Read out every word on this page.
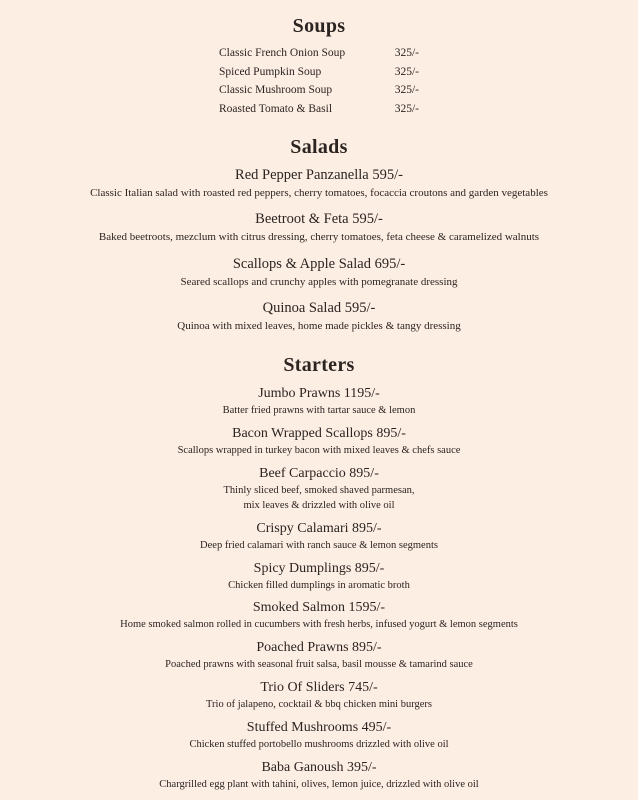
Soups
Classic French Onion Soup	325/-
Spiced Pumpkin Soup	325/-
Classic Mushroom Soup	325/-
Roasted Tomato & Basil	325/-
Salads

Red Pepper Panzanella 595/-

Classic Italian salad with roasted red peppers, cherry tomatoes, focaccia croutons and garden vegetables

Beetroot & Feta 595/-

Baked beetroots, mezclum with citrus dressing, cherry tomatoes, feta cheese & caramelized walnuts

Scallops & Apple Salad 695/-

Seared scallops and crunchy apples with pomegranate dressing

Quinoa Salad 595/-

Quinoa with mixed leaves, home made pickles & tangy dressing

Starters

Jumbo Prawns 1195/-

Batter fried prawns with tartar sauce & lemon

Bacon Wrapped Scallops 895/-

Scallops wrapped in turkey bacon with mixed leaves & chefs sauce

Beef Carpaccio 895/-

Thinly sliced beef, smoked shaved parmesan,
mix leaves & drizzled with olive oil

Crispy Calamari 895/-

Deep fried calamari with ranch sauce & lemon segments

Spicy Dumplings 895/-

Chicken filled dumplings in aromatic broth

Smoked Salmon 1595/-

Home smoked salmon rolled in cucumbers with fresh herbs, infused yogurt & lemon segments

Poached Prawns 895/-

Poached prawns with seasonal fruit salsa, basil mousse & tamarind sauce

Trio Of Sliders 745/-

Trio of jalapeno, cocktail & bbq chicken mini burgers

Stuffed Mushrooms 495/-

Chicken stuffed portobello mushrooms drizzled with olive oil

Baba Ganoush 395/-

Chargrilled egg plant with tahini, olives, lemon juice, drizzled with olive oil
